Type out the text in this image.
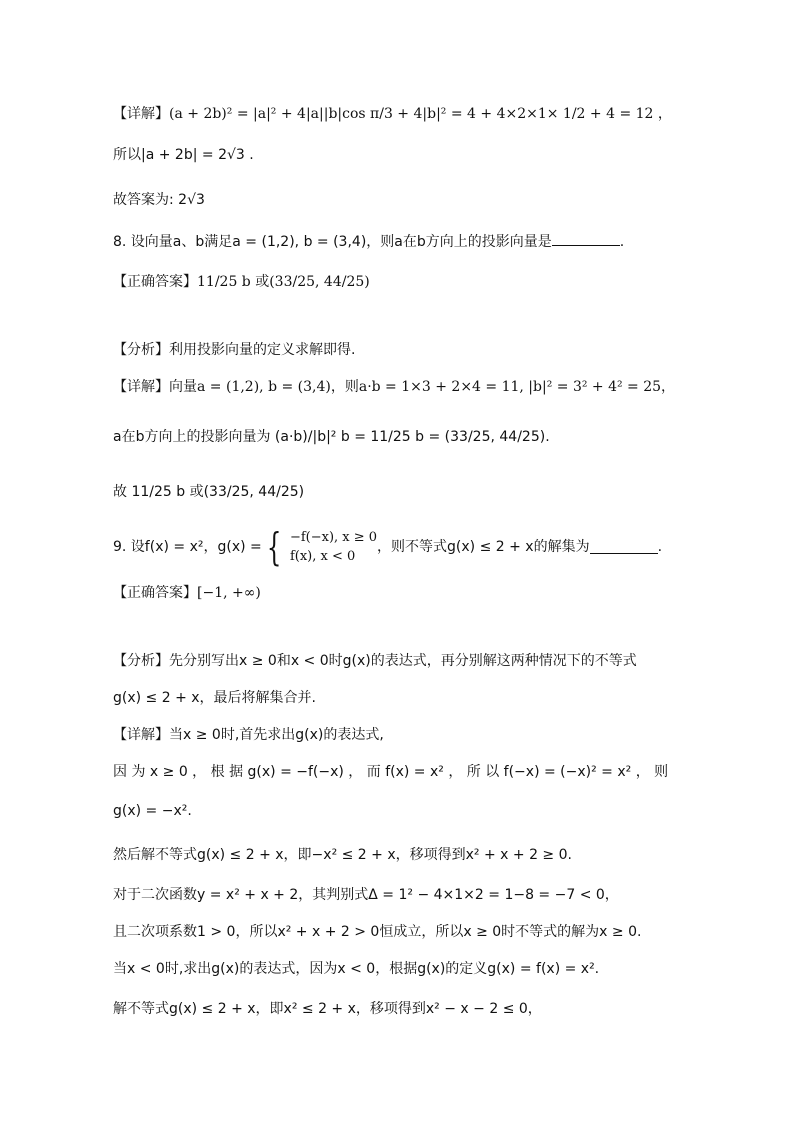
【详解】(a + 2b)² = |a|² + 4|a||b|cos π/3 + 4|b|² = 4 + 4×2×1× 1/2 + 4 = 12 ，
所以|a + 2b| = 2√3 .
故答案为: 2√3
8. 设向量a、b满足a = (1,2), b = (3,4)，则a在b方向上的投影向量是	.
【正确答案】11/25 b 或(33/25, 44/25)
【分析】利用投影向量的定义求解即得.
【详解】向量a = (1,2), b = (3,4)，则a·b = 1×3 + 2×4 = 11, |b|² = 3² + 4² = 25，
a在b方向上的投影向量为 (a·b)/|b|² b = 11/25 b = (33/25, 44/25).
故 11/25 b 或(33/25, 44/25)
9. 设f(x) = x²，g(x) = { −f(−x), x ≥ 0
f(x), x < 0
，则不等式g(x) ≤ 2 + x的解集为	.
【正确答案】[−1, +∞)
【分析】先分别写出x ≥ 0和x < 0时g(x)的表达式，再分别解这两种情况下的不等式
g(x) ≤ 2 + x，最后将解集合并.
【详解】当x ≥ 0时,首先求出g(x)的表达式,
因 为 x ≥ 0 ， 根 据 g(x) = −f(−x) ， 而 f(x) = x² ， 所 以 f(−x) = (−x)² = x² ， 则
g(x) = −x².
然后解不等式g(x) ≤ 2 + x，即−x² ≤ 2 + x，移项得到x² + x + 2 ≥ 0.
对于二次函数y = x² + x + 2，其判别式Δ = 1² − 4×1×2 = 1−8 = −7 < 0，
且二次项系数1 > 0，所以x² + x + 2 > 0恒成立，所以x ≥ 0时不等式的解为x ≥ 0.
当x < 0时,求出g(x)的表达式，因为x < 0，根据g(x)的定义g(x) = f(x) = x².
解不等式g(x) ≤ 2 + x，即x² ≤ 2 + x，移项得到x² − x − 2 ≤ 0，
